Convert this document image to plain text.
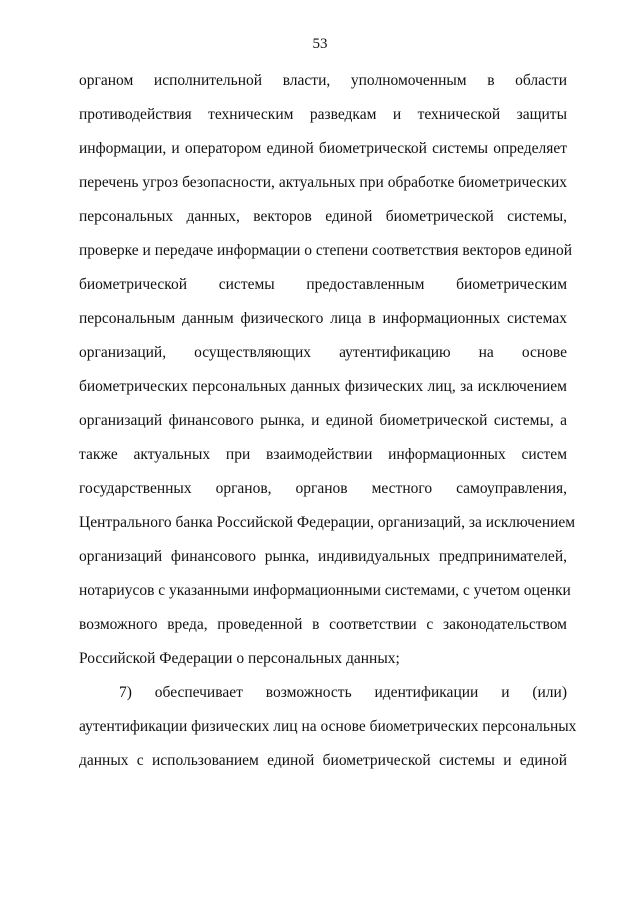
53
органом исполнительной власти, уполномоченным в области
противодействия техническим разведкам и технической защиты
информации, и оператором единой биометрической системы определяет
перечень угроз безопасности, актуальных при обработке биометрических
персональных данных, векторов единой биометрической системы,
проверке и передаче информации о степени соответствия векторов единой
биометрической системы предоставленным биометрическим
персональным данным физического лица в информационных системах
организаций, осуществляющих аутентификацию на основе
биометрических персональных данных физических лиц, за исключением
организаций финансового рынка, и единой биометрической системы, а
также актуальных при взаимодействии информационных систем
государственных органов, органов местного самоуправления,
Центрального банка Российской Федерации, организаций, за исключением
организаций финансового рынка, индивидуальных предпринимателей,
нотариусов с указанными информационными системами, с учетом оценки
возможного вреда, проведенной в соответствии с законодательством
Российской Федерации о персональных данных;
7) обеспечивает возможность идентификации и (или)
аутентификации физических лиц на основе биометрических персональных
данных с использованием единой биометрической системы и единой
